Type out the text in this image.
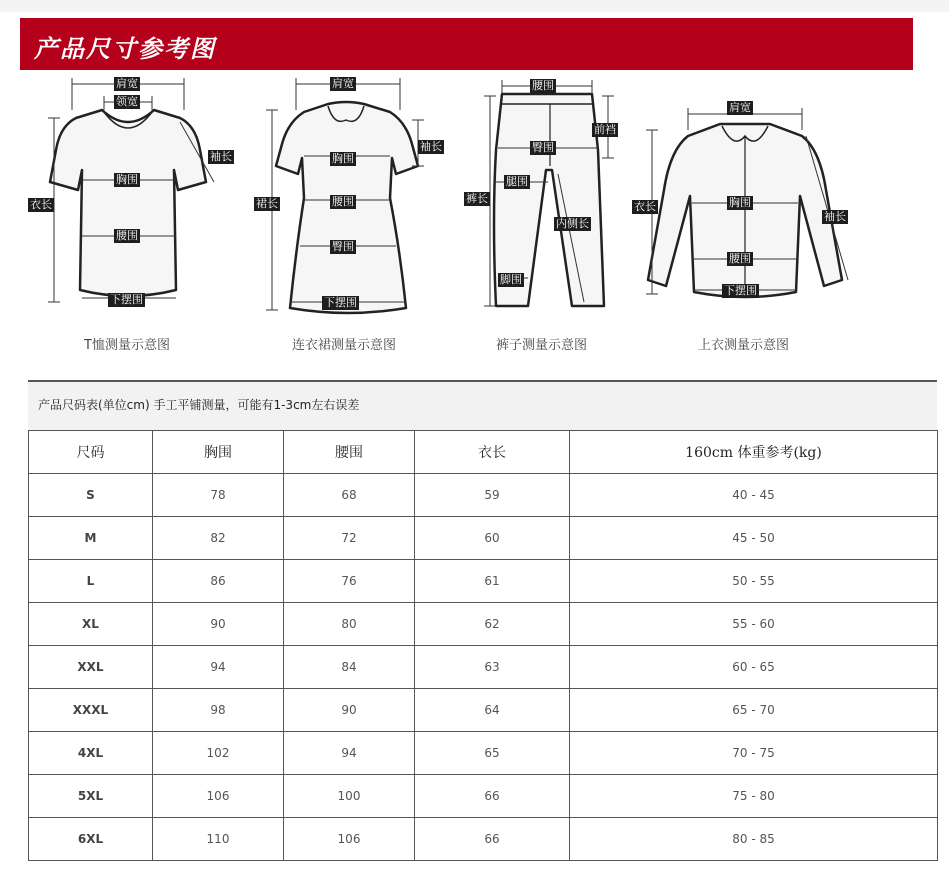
产品尺寸参考图
肩宽
领宽
袖长
胸围
衣长
腰围
下摆围
肩宽
袖长
胸围
裙长	腰围
臀围
下摆围
腰围
前裆
臀围
腿围
裤长
内侧长
脚围
肩宽
胸围
衣长
袖长
腰围
下摆围
T恤测量示意图	连衣裙测量示意图	裤子测量示意图	上衣测量示意图
产品尺码表(单位cm) 手工平铺测量，可能有1-3cm左右误差
尺码	胸围	腰围	衣长	160cm 体重参考(kg)
S	78	68	59	40 - 45
M	82	72	60	45 - 50
L	86	76	61	50 - 55
XL	90	80	62	55 - 60
XXL	94	84	63	60 - 65
XXXL	98	90	64	65 - 70
4XL	102	94	65	70 - 75
5XL	106	100	66	75 - 80
6XL	110	106	66	80 - 85
